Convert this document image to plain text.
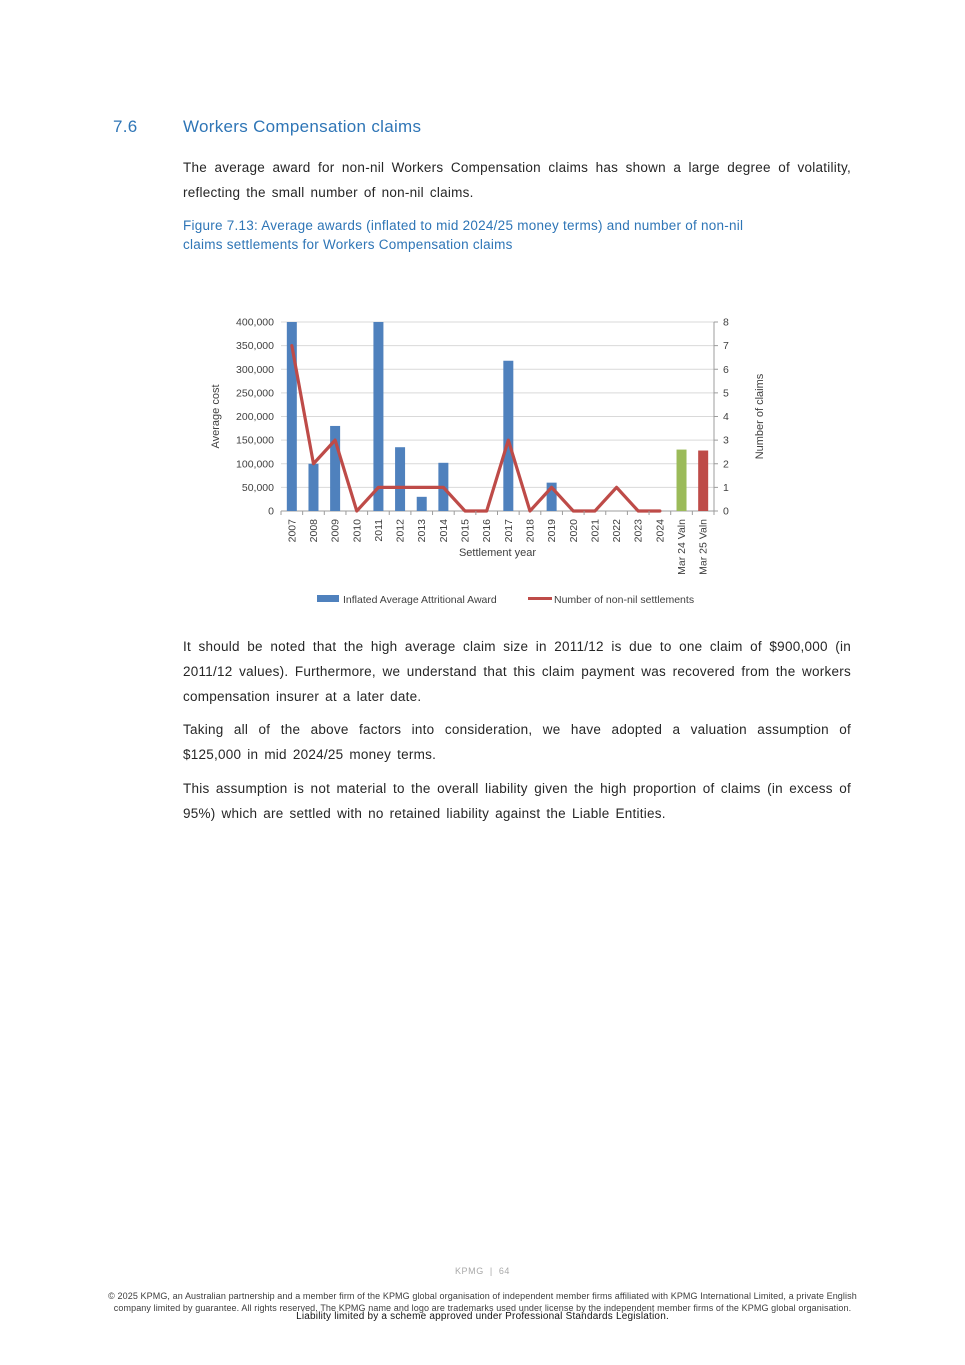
7.6	Workers Compensation claims

The average award for non-nil Workers Compensation claims has shown a large degree of volatility, reflecting the small number of non-nil claims.

Figure 7.13: Average awards (inflated to mid 2024/25 money terms) and number of non-nil
claims settlements for Workers Compensation claims
0
1
2
3
4
5
6
7
8
0
50,000
100,000
150,000
200,000
250,000
300,000
350,000
400,000
2007 2008 2009 2010 2011 2012 2013 2014 2015 2016 2017 2018 2019 2020 2021 2022 2023 2024 Mar 24 Valn Mar 25 Valn
Average cost	Number of claims
Settlement year
Inflated Average Attritional Award	Number of non-nil settlements

It should be noted that the high average claim size in 2011/12 is due to one claim of $900,000 (in 2011/12 values). Furthermore, we understand that this claim payment was recovered from the workers compensation insurer at a later date.

Taking all of the above factors into consideration, we have adopted a valuation assumption of $125,000 in mid 2024/25 money terms.

This assumption is not material to the overall liability given the high proportion of claims (in excess of 95%) which are settled with no retained liability against the Liable Entities.

KPMG | 64

© 2025 KPMG, an Australian partnership and a member firm of the KPMG global organisation of independent member firms affiliated with KPMG International Limited, a private English company limited by guarantee. All rights reserved. The KPMG name and logo are trademarks used under license by the independent member firms of the KPMG global organisation.

Liability limited by a scheme approved under Professional Standards Legislation.
